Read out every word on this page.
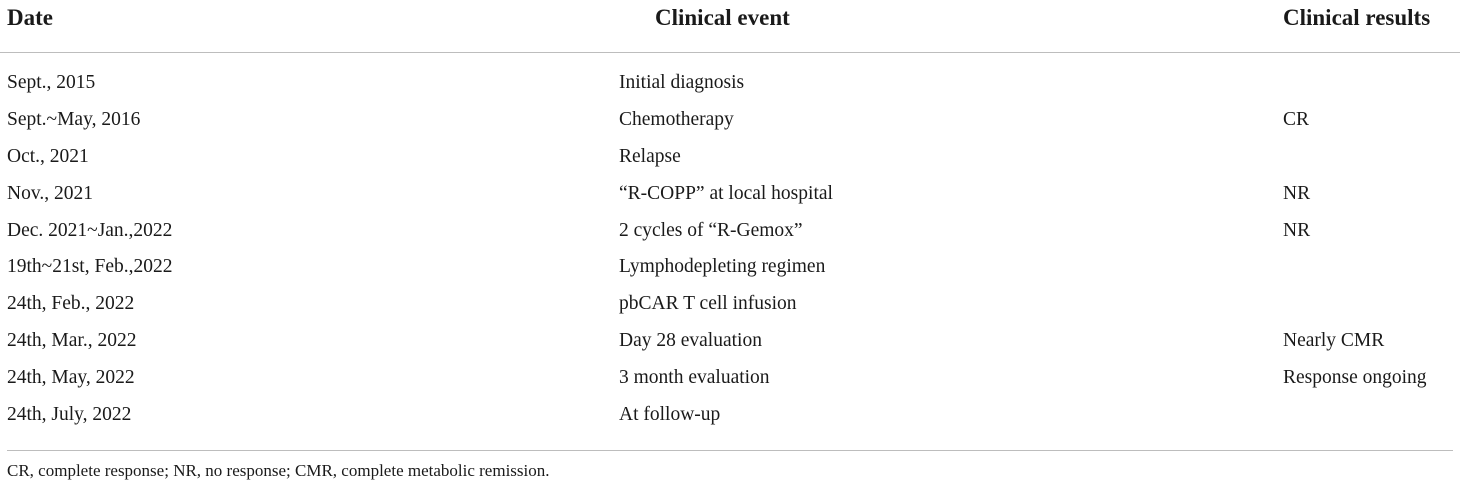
Date	Clinical event	Clinical results
Sept., 2015	Initial diagnosis
Sept.~May, 2016	Chemotherapy	CR
Oct., 2021	Relapse
Nov., 2021	“R-COPP” at local hospital	NR
Dec. 2021~Jan.,2022	2 cycles of “R-Gemox”	NR
19th~21st, Feb.,2022	Lymphodepleting regimen
24th, Feb., 2022	pbCAR T cell infusion
24th, Mar., 2022	Day 28 evaluation	Nearly CMR
24th, May, 2022	3 month evaluation	Response ongoing
24th, July, 2022	At follow-up
CR, complete response; NR, no response; CMR, complete metabolic remission.
